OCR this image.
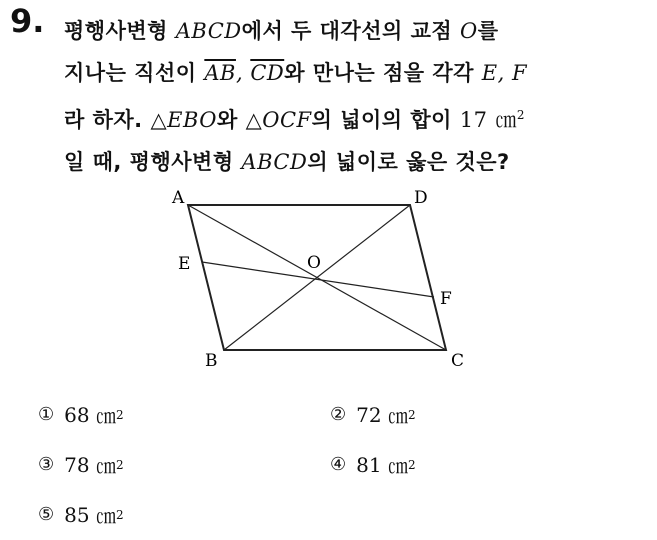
9. 평행사변형 ABCD에서 두 대각선의 교점 O를
지나는 직선이 $\overline{AB}$, $\overline{CD}$와 만나는 점을 각각 E, F
라 하자. △EBO와 △OCF의 넓이의 합이 17 ㎝$^2$
일 때, 평행사변형 ABCD의 넓이로 옳은 것은?
A	D
E	O
F
B	C
① 68
㎝ 2	② 72
㎝ 2
③ 78
㎝ 2	④ 81
㎝ 2
⑤ 85
㎝ 2
